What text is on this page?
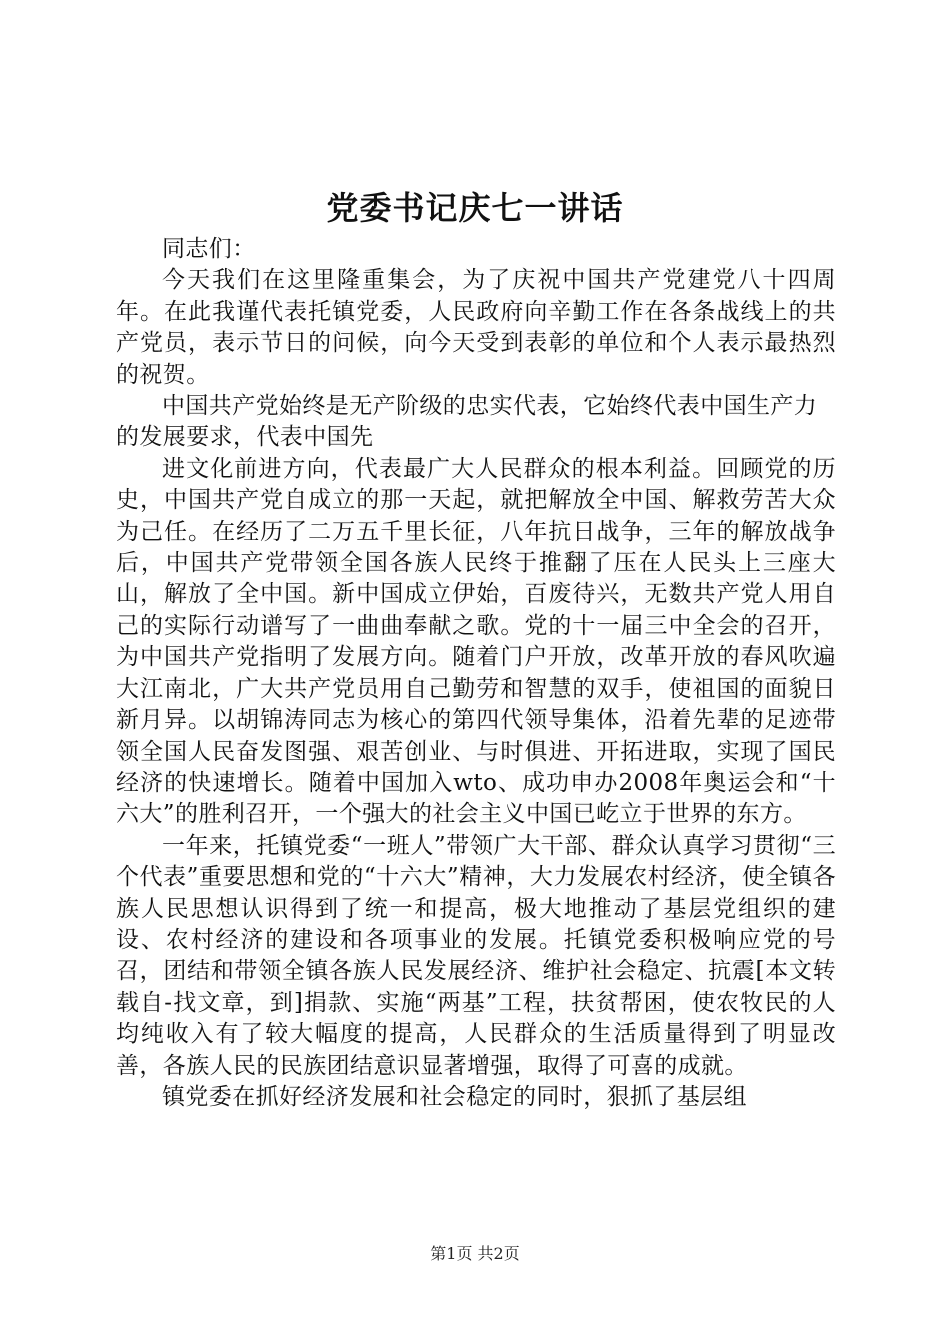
党委书记庆七一讲话

同志们：

今天我们在这里隆重集会，为了庆祝中国共产党建党八十四周年。在此我谨代表托镇党委，人民政府向辛勤工作在各条战线上的共产党员，表示节日的问候，向今天受到表彰的单位和个人表示最热烈的祝贺。

中国共产党始终是无产阶级的忠实代表，它始终代表中国生产力的发展要求，代表中国先

进文化前进方向，代表最广大人民群众的根本利益。回顾党的历史，中国共产党自成立的那一天起，就把解放全中国、解救劳苦大众为己任。在经历了二万五千里长征，八年抗日战争，三年的解放战争后，中国共产党带领全国各族人民终于推翻了压在人民头上三座大山，解放了全中国。新中国成立伊始，百废待兴，无数共产党人用自己的实际行动谱写了一曲曲奉献之歌。党的十一届三中全会的召开，为中国共产党指明了发展方向。随着门户开放，改革开放的春风吹遍大江南北，广大共产党员用自己勤劳和智慧的双手，使祖国的面貌日新月异。以胡锦涛同志为核心的第四代领导集体，沿着先辈的足迹带领全国人民奋发图强、艰苦创业、与时俱进、开拓进取，实现了国民经济的快速增长。随着中国加入wto、成功申办2008年奥运会和“十六大”的胜利召开，一个强大的社会主义中国已屹立于世界的东方。

一年来，托镇党委“一班人”带领广大干部、群众认真学习贯彻“三个代表”重要思想和党的“十六大”精神，大力发展农村经济，使全镇各族人民思想认识得到了统一和提高，极大地推动了基层党组织的建设、农村经济的建设和各项事业的发展。托镇党委积极响应党的号召，团结和带领全镇各族人民发展经济、维护社会稳定、抗震[本文转载自-找文章，到]捐款、实施“两基”工程，扶贫帮困，使农牧民的人均纯收入有了较大幅度的提高，人民群众的生活质量得到了明显改善，各族人民的民族团结意识显著增强，取得了可喜的成就。

镇党委在抓好经济发展和社会稳定的同时，狠抓了基层组

第1页 共2页
